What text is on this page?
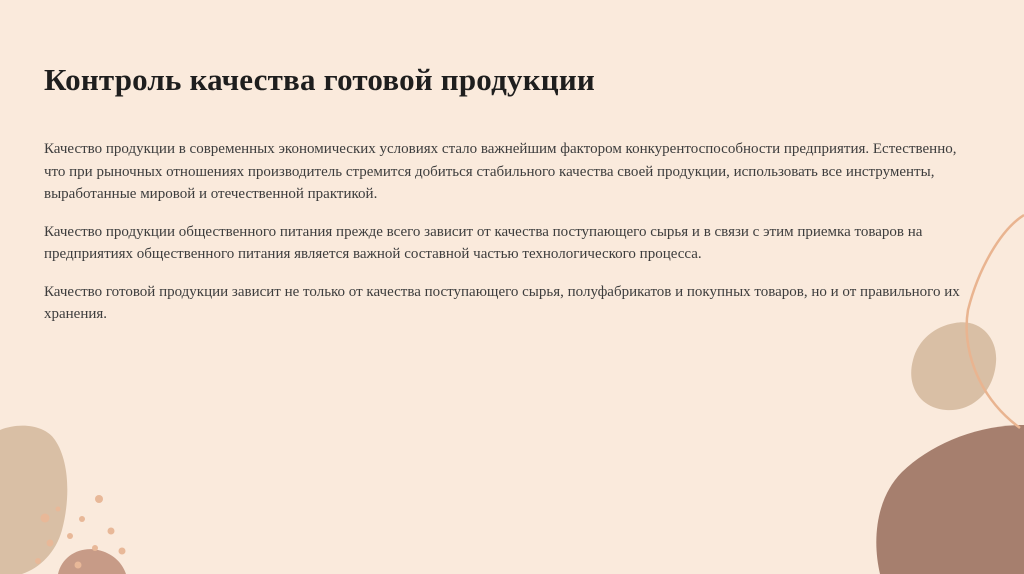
Контроль качества готовой продукции

Качество продукции в современных экономических условиях стало важнейшим фактором конкурентоспособности предприятия. Естественно, что при рыночных отношениях производитель стремится добиться стабильного качества своей продукции, использовать все инструменты, выработанные мировой и отечественной практикой.

Качество продукции общественного питания прежде всего зависит от качества поступающего сырья и в связи с этим приемка товаров на предприятиях общественного питания является важной составной частью технологического процесса.

Качество готовой продукции зависит не только от качества поступающего сырья, полуфабрикатов и покупных товаров, но и от правильного их хранения.
